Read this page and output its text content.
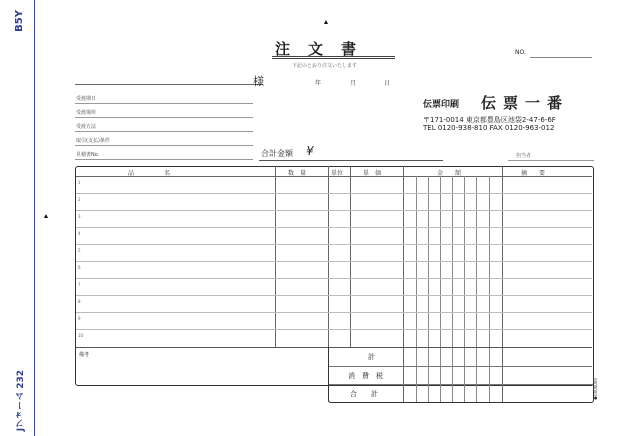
B5Y
Jフォーム 232
注文書
下記のとおり注文いたします
NO.
様	年	月	日
受渡期日
受渡場所
受渡方法
取引(支払)条件
見積書No.	合計金額 ¥
伝票印刷 伝票一番
〒171-0014 東京都豊島区池袋2-47-6-6F
TEL 0120-938-810 FAX 0120-963-012
担当者
品　　　　　名	数　量	単位	単　価	金　　額	摘　　要
1
2
3
4
5
6
7
8
9
10
備考	計
消　費　税
合　　計	●0000000
